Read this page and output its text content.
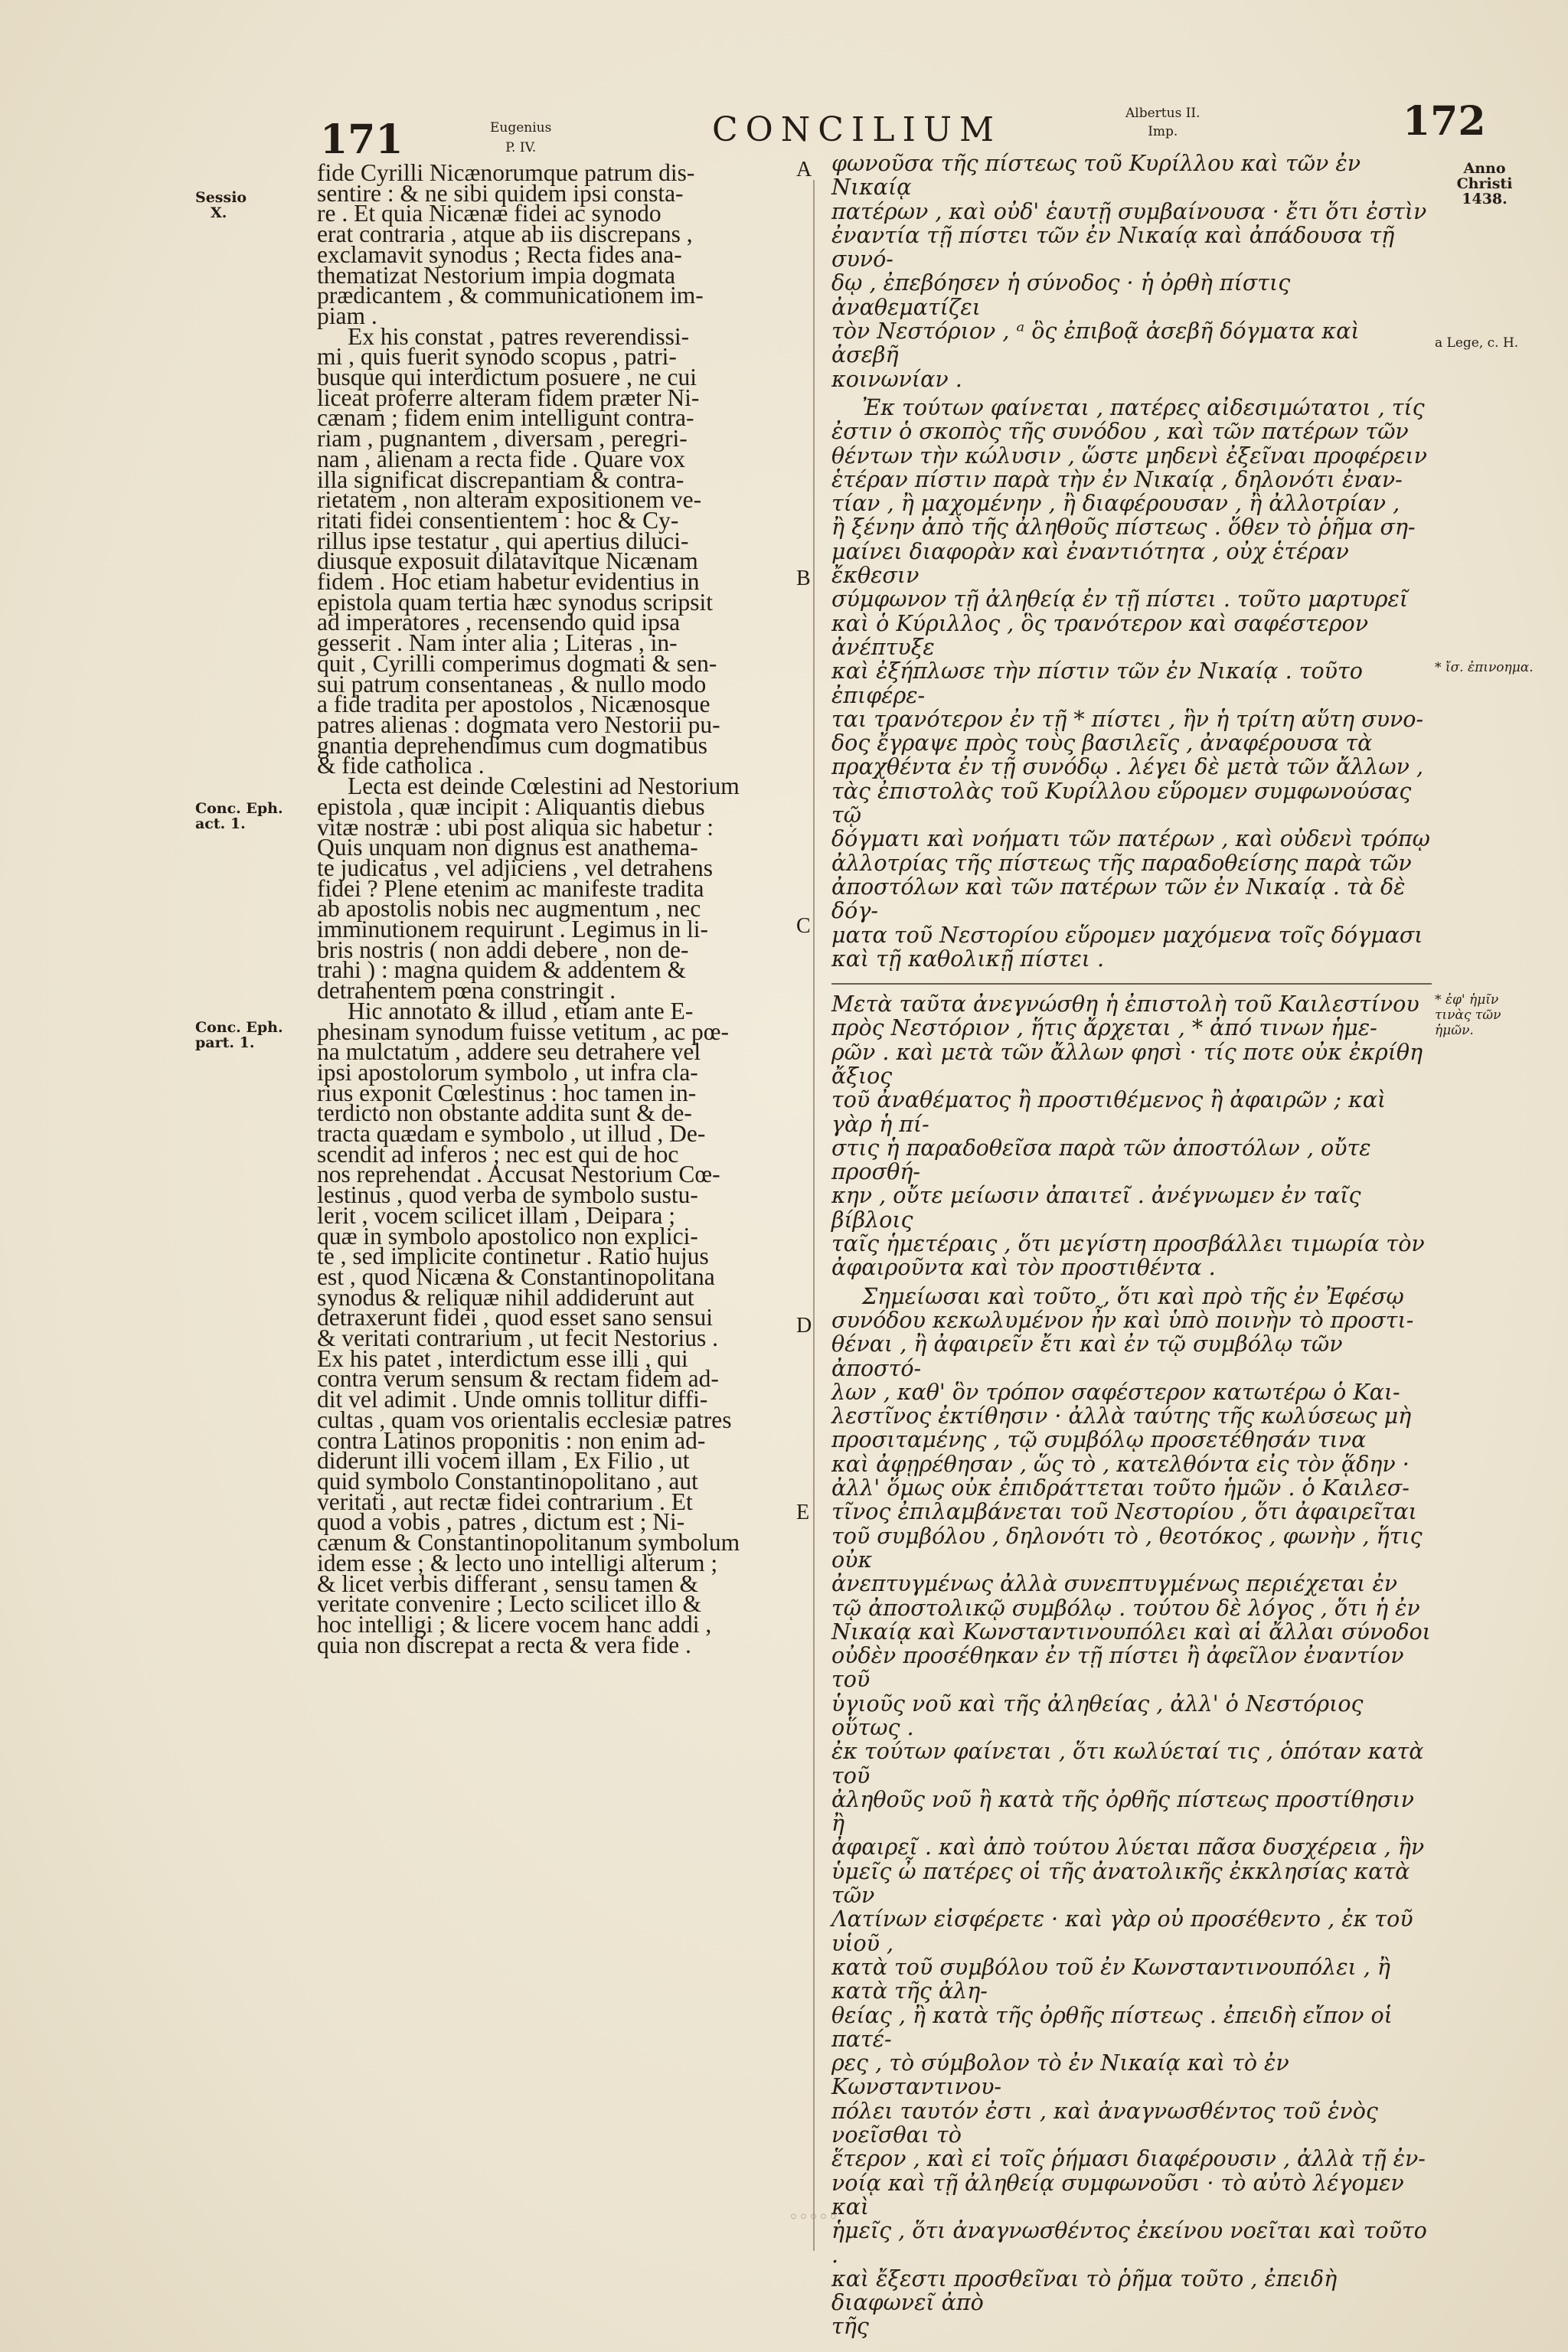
171	Eugenius
P. IV.	CONCILIUM	Albertus II.
Imp.	172
Sessio
X.
Conc. Eph.
act. 1.
Conc. Eph.
part. 1.
A
B
C
D
E

fide Cyrilli Nicænorumque patrum dis-
sentire : & ne sibi quidem ipsi consta-
re . Et quia Nicænæ fidei ac synodo
erat contraria , atque ab iis discrepans ,
exclamavit synodus ; Recta fides ana-
thematizat Nestorium impia dogmata
prædicantem , & communicationem im-
piam .

Ex his constat , patres reverendissi-
mi , quis fuerit synodo scopus , patri-
busque qui interdictum posuere , ne cui
liceat proferre alteram fidem præter Ni-
cænam ; fidem enim intelligunt contra-
riam , pugnantem , diversam , peregri-
nam , alienam a recta fide . Quare vox
illa significat discrepantiam & contra-
rietatem , non alteram expositionem ve-
ritati fidei consentientem : hoc & Cy-
rillus ipse testatur , qui apertius diluci-
diusque exposuit dilatavitque Nicænam
fidem . Hoc etiam habetur evidentius in
epistola quam tertia hæc synodus scripsit
ad imperatores , recensendo quid ipsa
gesserit . Nam inter alia ; Literas , in-
quit , Cyrilli comperimus dogmati & sen-
sui patrum consentaneas , & nullo modo
a fide tradita per apostolos , Nicænosque
patres alienas : dogmata vero Nestorii pu-
gnantia deprehendimus cum dogmatibus
& fide catholica .

Lecta est deinde Cœlestini ad Nestorium
epistola , quæ incipit : Aliquantis diebus
vitæ nostræ : ubi post aliqua sic habetur :
Quis unquam non dignus est anathema-
te judicatus , vel adjiciens , vel detrahens
fidei ? Plene etenim ac manifeste tradita
ab apostolis nobis nec augmentum , nec
imminutionem requirunt . Legimus in li-
bris nostris ( non addi debere , non de-
trahi ) : magna quidem & addentem &
detrahentem pœna constringit .

Hic annotato & illud , etiam ante E-
phesinam synodum fuisse vetitum , ac pœ-
na mulctatum , addere seu detrahere vel
ipsi apostolorum symbolo , ut infra cla-
rius exponit Cœlestinus : hoc tamen in-
terdicto non obstante addita sunt & de-
tracta quædam e symbolo , ut illud , De-
scendit ad inferos ; nec est qui de hoc
nos reprehendat . Accusat Nestorium Cœ-
lestinus , quod verba de symbolo sustu-
lerit , vocem scilicet illam , Deipara ;
quæ in symbolo apostolico non explici-
te , sed implicite continetur . Ratio hujus
est , quod Nicæna & Constantinopolitana
synodus & reliquæ nihil addiderunt aut
detraxerunt fidei , quod esset sano sensui
& veritati contrarium , ut fecit Nestorius .
Ex his patet , interdictum esse illi , qui
contra verum sensum & rectam fidem ad-
dit vel adimit . Unde omnis tollitur diffi-
cultas , quam vos orientalis ecclesiæ patres
contra Latinos proponitis : non enim ad-
diderunt illi vocem illam , Ex Filio , ut
quid symbolo Constantinopolitano , aut
veritati , aut rectæ fidei contrarium . Et
quod a vobis , patres , dictum est ; Ni-
cænum & Constantinopolitanum symbolum
idem esse ; & lecto uno intelligi alterum ;
& licet verbis differant , sensu tamen &
veritate convenire ; Lecto scilicet illo &
hoc intelligi ; & licere vocem hanc addi ,
quia non discrepat a recta & vera fide .

φωνοῦσα τῆς πίστεως τοῦ Κυρίλλου καὶ τῶν ἐν Νικαίᾳ
πατέρων , καὶ οὐδ' ἑαυτῇ συμβαίνουσα · ἔτι ὅτι ἐστὶν
ἐναντία τῇ πίστει τῶν ἐν Νικαίᾳ καὶ ἀπάδουσα τῇ συνό-
δῳ , ἐπεβόησεν ἡ σύνοδος · ἡ ὀρθὴ πίστις ἀναθεματίζει
τὸν Νεστόριον , ᵃ ὃς ἐπιβοᾷ ἀσεβῆ δόγματα καὶ ἀσεβῆ
κοινωνίαν .

Ἐκ τούτων φαίνεται , πατέρες αἰδεσιμώτατοι , τίς
ἐστιν ὁ σκοπὸς τῆς συνόδου , καὶ τῶν πατέρων τῶν
θέντων τὴν κώλυσιν , ὥστε μηδενὶ ἐξεῖναι προφέρειν
ἑτέραν πίστιν παρὰ τὴν ἐν Νικαίᾳ , δηλονότι ἐναν-
τίαν , ἢ μαχομένην , ἢ διαφέρουσαν , ἢ ἀλλοτρίαν ,
ἢ ξένην ἀπὸ τῆς ἀληθοῦς πίστεως . ὅθεν τὸ ῥῆμα ση-
μαίνει διαφορὰν καὶ ἐναντιότητα , οὐχ ἑτέραν ἔκθεσιν
σύμφωνον τῇ ἀληθείᾳ ἐν τῇ πίστει . τοῦτο μαρτυρεῖ
καὶ ὁ Κύριλλος , ὃς τρανότερον καὶ σαφέστερον ἀνέπτυξε
καὶ ἐξήπλωσε τὴν πίστιν τῶν ἐν Νικαίᾳ . τοῦτο ἐπιφέρε-
ται τρανότερον ἐν τῇ * πίστει , ἣν ἡ τρίτη αὕτη συνο-
δος ἔγραψε πρὸς τοὺς βασιλεῖς , ἀναφέρουσα τὰ
πραχθέντα ἐν τῇ συνόδῳ . λέγει δὲ μετὰ τῶν ἄλλων ,
τὰς ἐπιστολὰς τοῦ Κυρίλλου εὕρομεν συμφωνούσας τῷ
δόγματι καὶ νοήματι τῶν πατέρων , καὶ οὐδενὶ τρόπῳ
ἀλλοτρίας τῆς πίστεως τῆς παραδοθείσης παρὰ τῶν
ἀποστόλων καὶ τῶν πατέρων τῶν ἐν Νικαίᾳ . τὰ δὲ δόγ-
ματα τοῦ Νεστορίου εὕρομεν μαχόμενα τοῖς δόγμασι
καὶ τῇ καθολικῇ πίστει .

Μετὰ ταῦτα ἀνεγνώσθη ἡ ἐπιστολὴ τοῦ Καιλεστίνου
πρὸς Νεστόριον , ἥτις ἄρχεται , * ἀπό τινων ἡμε-
ρῶν . καὶ μετὰ τῶν ἄλλων φησὶ · τίς ποτε οὐκ ἐκρίθη ἄξιος
τοῦ ἀναθέματος ἢ προστιθέμενος ἢ ἀφαιρῶν ; καὶ γὰρ ἡ πί-
στις ἡ παραδοθεῖσα παρὰ τῶν ἀποστόλων , οὔτε προσθή-
κην , οὔτε μείωσιν ἀπαιτεῖ . ἀνέγνωμεν ἐν ταῖς βίβλοις
ταῖς ἡμετέραις , ὅτι μεγίστη προσβάλλει τιμωρία τὸν
ἀφαιροῦντα καὶ τὸν προστιθέντα .

Σημείωσαι καὶ τοῦτο , ὅτι καὶ πρὸ τῆς ἐν Ἐφέσῳ
συνόδου κεκωλυμένον ἦν καὶ ὑπὸ ποινὴν τὸ προστι-
θέναι , ἢ ἀφαιρεῖν ἔτι καὶ ἐν τῷ συμβόλῳ τῶν ἀποστό-
λων , καθ' ὃν τρόπον σαφέστερον κατωτέρω ὁ Και-
λεστῖνος ἐκτίθησιν · ἀλλὰ ταύτης τῆς κωλύσεως μὴ
προσιταμένης , τῷ συμβόλῳ προσετέθησάν τινα
καὶ ἀφῃρέθησαν , ὥς τὸ , κατελθόντα εἰς τὸν ᾅδην ·
ἀλλ' ὅμως οὐκ ἐπιδράττεται τοῦτο ἡμῶν . ὁ Καιλεσ-
τῖνος ἐπιλαμβάνεται τοῦ Νεστορίου , ὅτι ἀφαιρεῖται
τοῦ συμβόλου , δηλονότι τὸ , θεοτόκος , φωνὴν , ἥτις οὐκ
ἀνεπτυγμένως ἀλλὰ συνεπτυγμένως περιέχεται ἐν
τῷ ἀποστολικῷ συμβόλῳ . τούτου δὲ λόγος , ὅτι ἡ ἐν
Νικαίᾳ καὶ Κωνσταντινουπόλει καὶ αἱ ἄλλαι σύνοδοι
οὐδὲν προσέθηκαν ἐν τῇ πίστει ἢ ἀφεῖλον ἐναντίον τοῦ
ὑγιοῦς νοῦ καὶ τῆς ἀληθείας , ἀλλ' ὁ Νεστόριος οὕτως .
ἐκ τούτων φαίνεται , ὅτι κωλύεταί τις , ὁπόταν κατὰ τοῦ
ἀληθοῦς νοῦ ἢ κατὰ τῆς ὀρθῆς πίστεως προστίθησιν ἢ
ἀφαιρεῖ . καὶ ἀπὸ τούτου λύεται πᾶσα δυσχέρεια , ἣν
ὑμεῖς ὦ πατέρες οἱ τῆς ἀνατολικῆς ἐκκλησίας κατὰ τῶν
Λατίνων εἰσφέρετε · καὶ γὰρ οὐ προσέθεντο , ἐκ τοῦ υἱοῦ ,
κατὰ τοῦ συμβόλου τοῦ ἐν Κωνσταντινουπόλει , ἢ κατὰ τῆς ἀλη-
θείας , ἢ κατὰ τῆς ὀρθῆς πίστεως . ἐπειδὴ εἴπον οἱ πατέ-
ρες , τὸ σύμβολον τὸ ἐν Νικαίᾳ καὶ τὸ ἐν Κωνσταντινου-
πόλει ταυτόν ἐστι , καὶ ἀναγνωσθέντος τοῦ ἑνὸς νοεῖσθαι τὸ
ἕτερον , καὶ εἰ τοῖς ῥήμασι διαφέρουσιν , ἀλλὰ τῇ ἐν-
νοίᾳ καὶ τῇ ἀληθείᾳ συμφωνοῦσι · τὸ αὐτὸ λέγομεν καὶ
ἡμεῖς , ὅτι ἀναγνωσθέντος ἐκείνου νοεῖται καὶ τοῦτο .
καὶ ἔξεστι προσθεῖναι τὸ ῥῆμα τοῦτο , ἐπειδὴ διαφωνεῖ ἀπὸ
τῆς

Anno
Christi
1438.
a Lege, c. H.
* ἴσ. ἐπινοημα.
* ἐφ' ἡμῖν τινὰς τῶν ἡμῶν.
◦◦◦◦◦
